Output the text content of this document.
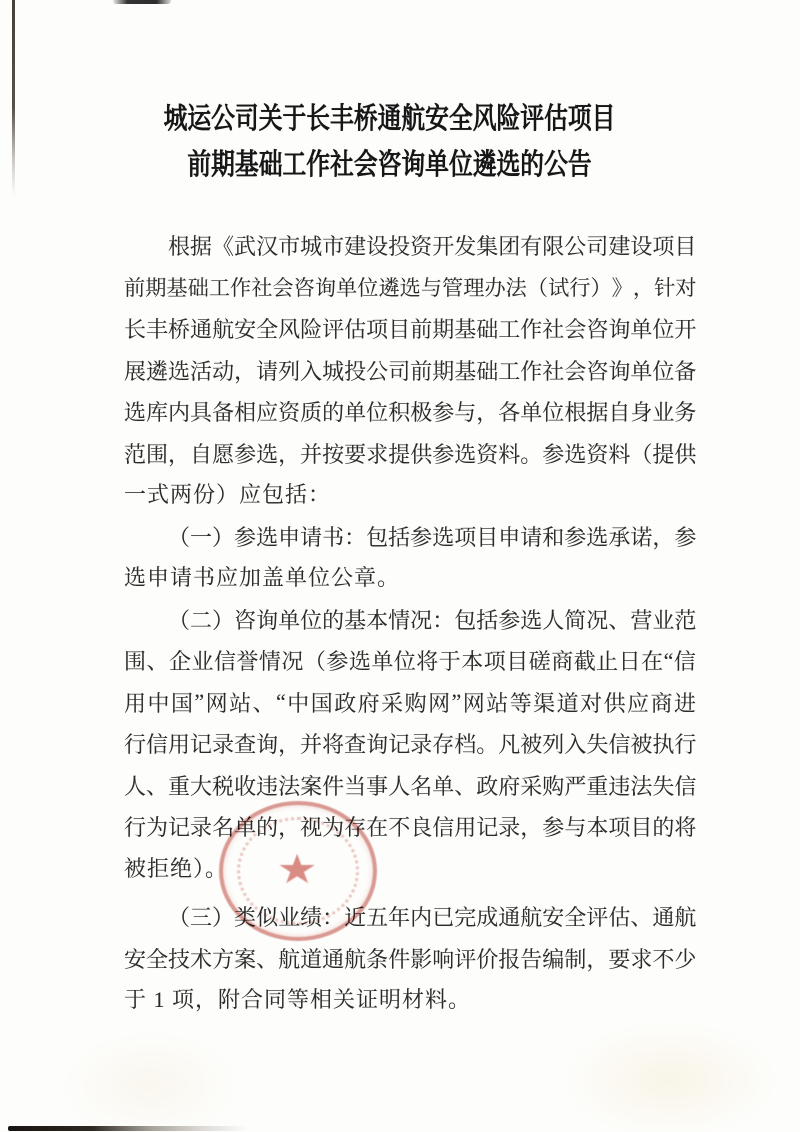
城运公司关于长丰桥通航安全风险评估项目
前期基础工作社会咨询单位遴选的公告
根 据 《 武 汉 市 城 市 建 设 投 资 开 发 集 团 有 限 公 司 建 设 项 目
前 期 基 础 工 作 社 会 咨 询 单 位 遴 选 与 管 理 办 法 （ 试 行 ） 》 ， 针 对
长 丰 桥 通 航 安 全 风 险 评 估 项 目 前 期 基 础 工 作 社 会 咨 询 单 位 开
展 遴 选 活 动 ， 请 列 入 城 投 公 司 前 期 基 础 工 作 社 会 咨 询 单 位 备
选 库 内 具 备 相 应 资 质 的 单 位 积 极 参 与 ， 各 单 位 根 据 自 身 业 务
范 围 ， 自 愿 参 选 ， 并 按 要 求 提 供 参 选 资 料 。 参 选 资 料 （ 提 供
一式两份）应包括：
（ 一 ） 参 选 申 请 书 ： 包 括 参 选 项 目 申 请 和 参 选 承 诺 ， 参
选申请书应加盖单位公章。
（ 二 ） 咨 询 单 位 的 基 本 情 况 ： 包 括 参 选 人 简 况 、 营 业 范
围 、 企 业 信 誉 情 况 （ 参 选 单 位 将 于 本 项 目 磋 商 截 止 日 在 “ 信
用 中 国 ” 网 站 、 “ 中 国 政 府 采 购 网 ” 网 站 等 渠 道 对 供 应 商 进
行 信 用 记 录 查 询 ， 并 将 查 询 记 录 存 档 。 凡 被 列 入 失 信 被 执 行
人 、 重 大 税 收 违 法 案 件 当 事 人 名 单 、 政 府 采 购 严 重 违 法 失 信
行 为 记 录 名 单 的 ， 视 为 存 在 不 良 信 用 记 录 ， 参 与 本 项 目 的 将
被拒绝）。
（ 三 ） 类 似 业 绩 ： 近 五 年 内 已 完 成 通 航 安 全 评 估 、 通 航
安 全 技 术 方 案 、 航 道 通 航 条 件 影 响 评 价 报 告 编 制 ， 要 求 不 少
于 1 项，附合同等相关证明材料。
★
